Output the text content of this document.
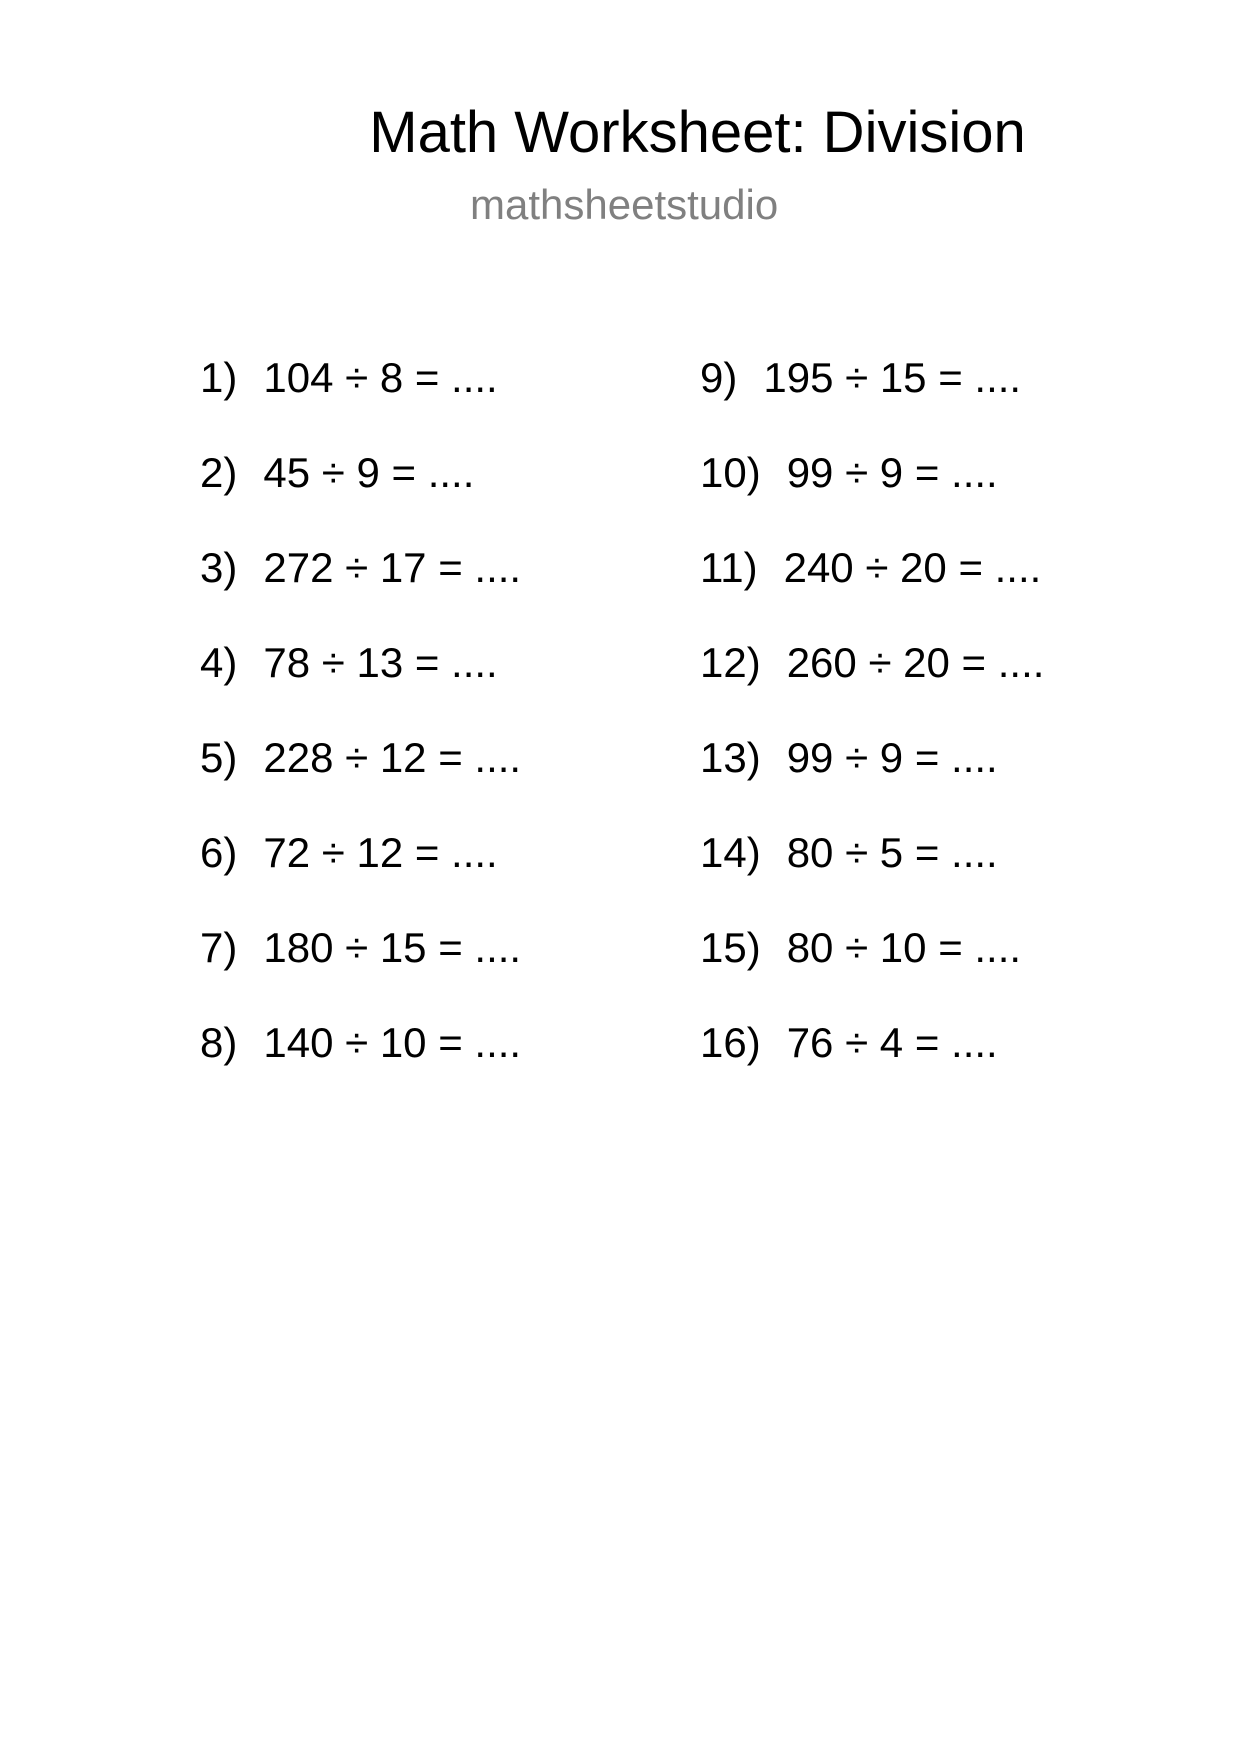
Math Worksheet: Division
mathsheetstudio
1) 104 ÷ 8 = ....
2) 45 ÷ 9 = ....
3) 272 ÷ 17 = ....
4) 78 ÷ 13 = ....
5) 228 ÷ 12 = ....
6) 72 ÷ 12 = ....
7) 180 ÷ 15 = ....
8) 140 ÷ 10 = ....
9) 195 ÷ 15 = ....
10) 99 ÷ 9 = ....
11) 240 ÷ 20 = ....
12) 260 ÷ 20 = ....
13) 99 ÷ 9 = ....
14) 80 ÷ 5 = ....
15) 80 ÷ 10 = ....
16) 76 ÷ 4 = ....
